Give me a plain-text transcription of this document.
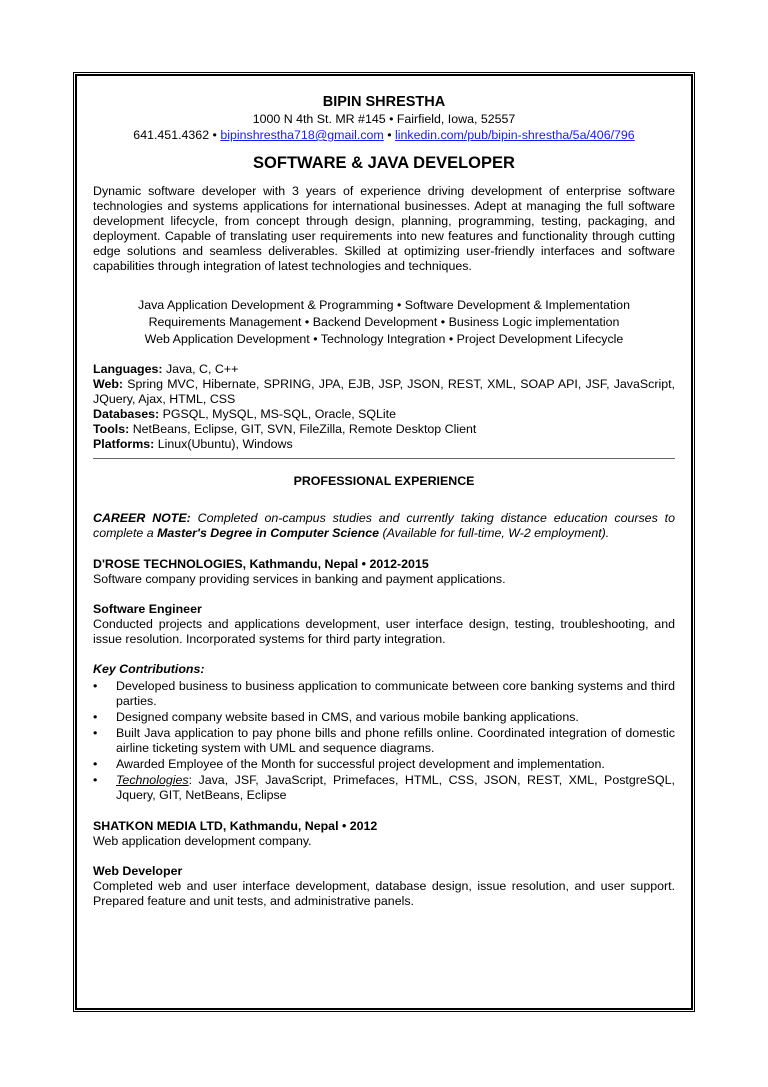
BIPIN SHRESTHA
1000 N 4th St. MR #145 • Fairfield, Iowa, 52557
641.451.4362 • bipinshrestha718@gmail.com • linkedin.com/pub/bipin-shrestha/5a/406/796
SOFTWARE & JAVA DEVELOPER
Dynamic software developer with 3 years of experience driving development of enterprise software technologies and systems applications for international businesses. Adept at managing the full software development lifecycle, from concept through design, planning, programming, testing, packaging, and deployment. Capable of translating user requirements into new features and functionality through cutting edge solutions and seamless deliverables. Skilled at optimizing user-friendly interfaces and software capabilities through integration of latest technologies and techniques.
Java Application Development & Programming • Software Development & Implementation
Requirements Management • Backend Development • Business Logic implementation
Web Application Development • Technology Integration • Project Development Lifecycle
Languages: Java, C, C++
Web: Spring MVC, Hibernate, SPRING, JPA, EJB, JSP, JSON, REST, XML, SOAP API, JSF, JavaScript, JQuery, Ajax, HTML, CSS
Databases: PGSQL, MySQL, MS-SQL, Oracle, SQLite
Tools: NetBeans, Eclipse, GIT, SVN, FileZilla, Remote Desktop Client
Platforms: Linux(Ubuntu), Windows
PROFESSIONAL EXPERIENCE
CAREER NOTE: Completed on-campus studies and currently taking distance education courses to complete a Master's Degree in Computer Science (Available for full-time, W-2 employment).
D'ROSE TECHNOLOGIES, Kathmandu, Nepal • 2012-2015
Software company providing services in banking and payment applications.
Software Engineer
Conducted projects and applications development, user interface design, testing, troubleshooting, and issue resolution. Incorporated systems for third party integration.
Key Contributions:
• Developed business to business application to communicate between core banking systems and third parties.
• Designed company website based in CMS, and various mobile banking applications.
• Built Java application to pay phone bills and phone refills online. Coordinated integration of domestic airline ticketing system with UML and sequence diagrams.
• Awarded Employee of the Month for successful project development and implementation.
• Technologies: Java, JSF, JavaScript, Primefaces, HTML, CSS, JSON, REST, XML, PostgreSQL, Jquery, GIT, NetBeans, Eclipse
SHATKON MEDIA LTD, Kathmandu, Nepal • 2012
Web application development company.
Web Developer
Completed web and user interface development, database design, issue resolution, and user support. Prepared feature and unit tests, and administrative panels.
